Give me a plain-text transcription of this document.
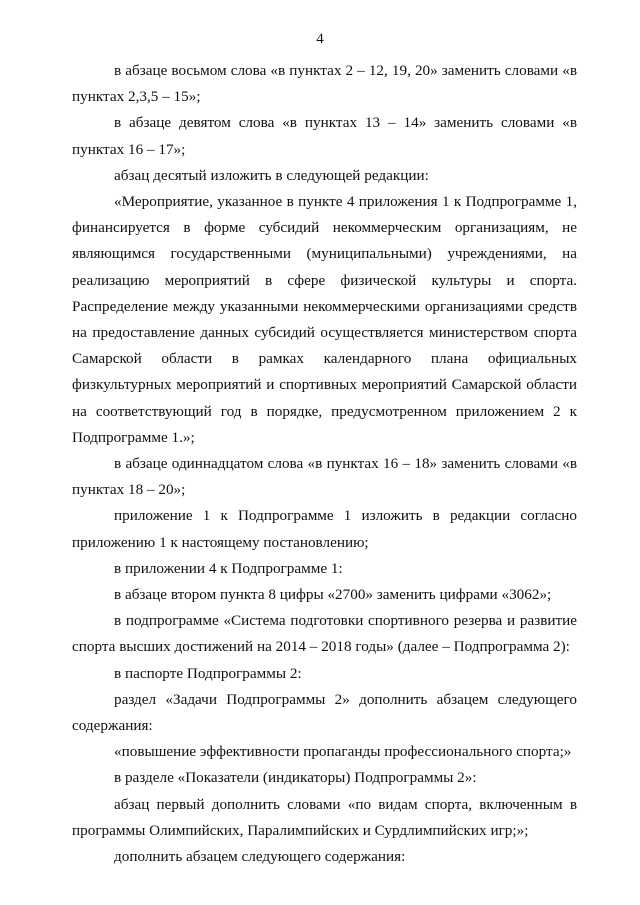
4

в абзаце восьмом слова «в пунктах 2 – 12, 19, 20» заменить словами «в пунктах 2,3,5 – 15»;

в абзаце девятом слова «в пунктах 13 – 14» заменить словами «в пунктах 16 – 17»;

абзац десятый изложить в следующей редакции:

«Мероприятие, указанное в пункте 4 приложения 1 к Подпрограмме 1, финансируется в форме субсидий некоммерческим организациям, не являющимся государственными (муниципальными) учреждениями, на реализацию мероприятий в сфере физической культуры и спорта. Распределение между указанными некоммерческими организациями средств на предоставление данных субсидий осуществляется министерством спорта Самарской области в рамках календарного плана официальных физкультурных мероприятий и спортивных мероприятий Самарской области на соответствующий год в порядке, предусмотренном приложением 2 к Подпрограмме 1.»;

в абзаце одиннадцатом слова «в пунктах 16 – 18» заменить словами «в пунктах 18 – 20»;

приложение 1 к Подпрограмме 1 изложить в редакции согласно приложению 1 к настоящему постановлению;

в приложении 4 к Подпрограмме 1:

в абзаце втором пункта 8 цифры «2700» заменить цифрами «3062»;

в подпрограмме «Система подготовки спортивного резерва и развитие спорта высших достижений на 2014 – 2018 годы» (далее – Подпрограмма 2):

в паспорте Подпрограммы 2:

раздел «Задачи Подпрограммы 2» дополнить абзацем следующего содержания:

«повышение эффективности пропаганды профессионального спорта;»

в разделе «Показатели (индикаторы) Подпрограммы 2»:

абзац первый дополнить словами «по видам спорта, включенным в программы Олимпийских, Паралимпийских и Сурдлимпийских игр;»;

дополнить абзацем следующего содержания:
